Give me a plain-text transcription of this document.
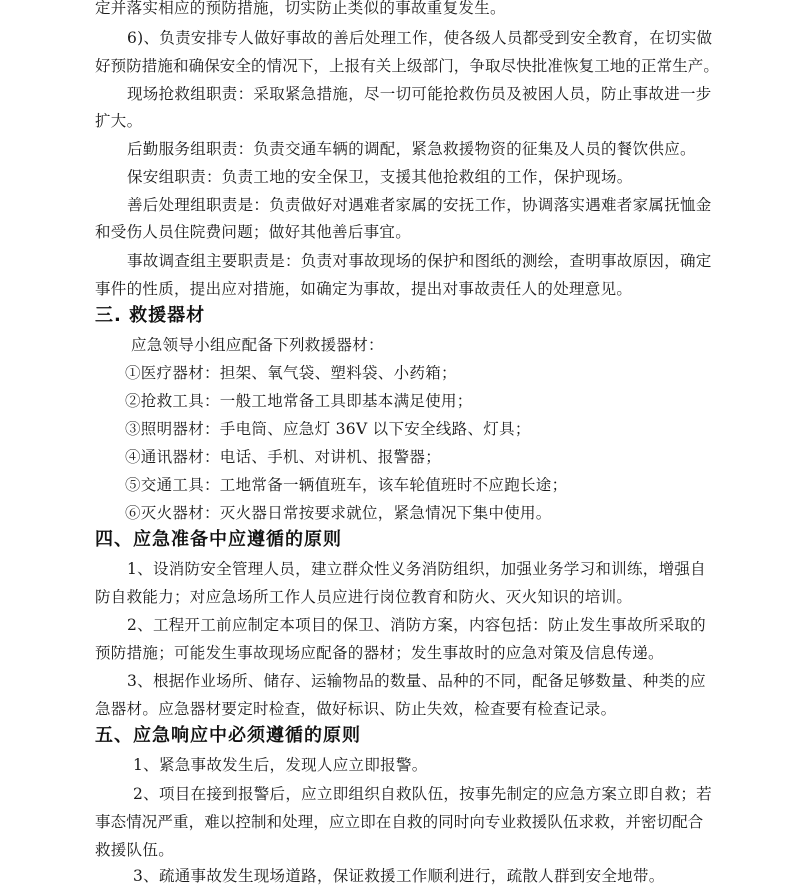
定并落实相应的预防措施，切实防止类似的事故重复发生。
6)、负责安排专人做好事故的善后处理工作，使各级人员都受到安全教育，在切实做
好预防措施和确保安全的情况下，上报有关上级部门，争取尽快批准恢复工地的正常生产。
现场抢救组职责：采取紧急措施，尽一切可能抢救伤员及被困人员，防止事故进一步
扩大。
后勤服务组职责：负责交通车辆的调配，紧急救援物资的征集及人员的餐饮供应。
保安组职责：负责工地的安全保卫，支援其他抢救组的工作，保护现场。
善后处理组职责是：负责做好对遇难者家属的安抚工作，协调落实遇难者家属抚恤金
和受伤人员住院费问题；做好其他善后事宜。
事故调查组主要职责是：负责对事故现场的保护和图纸的测绘，查明事故原因，确定
事件的性质，提出应对措施，如确定为事故，提出对事故责任人的处理意见。
三. 救援器材
应急领导小组应配备下列救援器材：
①医疗器材：担架、氧气袋、塑料袋、小药箱；
②抢救工具：一般工地常备工具即基本满足使用；
③照明器材：手电筒、应急灯 36V 以下安全线路、灯具；
④通讯器材：电话、手机、对讲机、报警器；
⑤交通工具：工地常备一辆值班车，该车轮值班时不应跑长途；
⑥灭火器材：灭火器日常按要求就位，紧急情况下集中使用。
四、应急准备中应遵循的原则
1、设消防安全管理人员，建立群众性义务消防组织，加强业务学习和训练，增强自
防自救能力；对应急场所工作人员应进行岗位教育和防火、灭火知识的培训。
2、工程开工前应制定本项目的保卫、消防方案，内容包括：防止发生事故所采取的
预防措施；可能发生事故现场应配备的器材；发生事故时的应急对策及信息传递。
3、根据作业场所、储存、运输物品的数量、品种的不同，配备足够数量、种类的应
急器材。应急器材要定时检查，做好标识、防止失效，检查要有检查记录。
五、应急响应中必须遵循的原则
1、紧急事故发生后，发现人应立即报警。
2、项目在接到报警后，应立即组织自救队伍，按事先制定的应急方案立即自救；若
事态情况严重，难以控制和处理，应立即在自救的同时向专业救援队伍求救，并密切配合
救援队伍。
3、疏通事故发生现场道路，保证救援工作顺利进行，疏散人群到安全地带。
